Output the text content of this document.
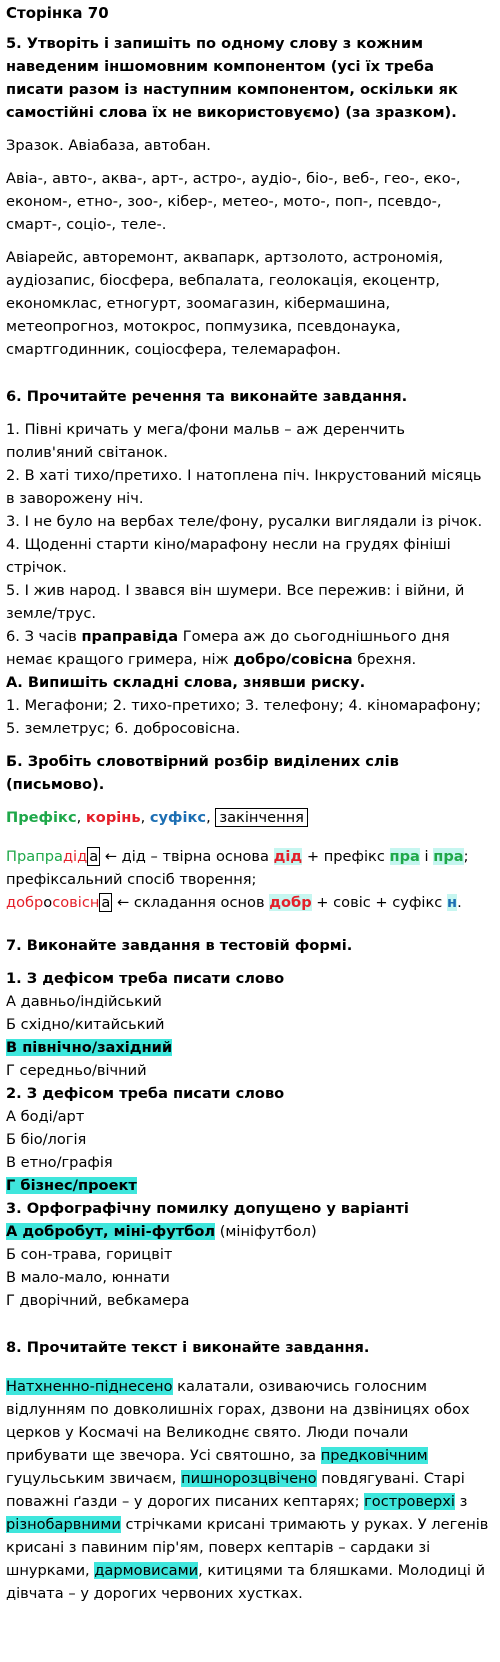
Сторінка 70
5. Утворіть і запишіть по одному слову з кожним наведеним іншомовним компонентом (усі їх треба писати разом із наступним компонентом, оскільки як самостійні слова їх не використовуємо) (за зразком).
Зразок. Авіабаза, автобан.
Авіа-, авто-, аква-, арт-, астро-, аудіо-, біо-, веб-, гео-, еко-, економ-, етно-, зоо-, кібер-, метео-, мото-, поп-, псевдо-, смарт-, соціо-, теле-.
Авіарейс, авторемонт, аквапарк, артзолото, астрономія, аудіозапис, біосфера, вебпалата, геолокація, екоцентр, економклас, етногурт, зоомагазин, кібермашина, метеопрогноз, мотокрос, попмузика, псевдонаука, смартгодинник, соціосфера, телемарафон.
6. Прочитайте речення та виконайте завдання.
1. Півні кричать у мега/фони мальв – аж деренчить полив'яний світанок.
2. В хаті тихо/претихо. І натоплена піч. Інкрустований місяць в заворожену ніч.
3. І не було на вербах теле/фону, русалки виглядали із річок.
4. Щоденні старти кіно/марафону несли на грудях фініші стрічок.
5. І жив народ. І звався він шумери. Все пережив: і війни, й земле/трус.
6. З часів праправіда Гомера аж до сьогоднішнього дня немає кращого гримера, ніж добро/совісна брехня.
А. Випишіть складні слова, знявши риску.
1. Мегафони; 2. тихо-претихо; 3. телефону; 4. кіномарафону; 5. землетрус; 6. добросовісна.
Б. Зробіть словотвірний розбір виділених слів (письмово).
Префікс, корінь, суфікс, закінчення
Прапрадід а ← дід – твірна основа дід + префікс пра і пра;
префіксальний спосіб творення;
добросовісн а ← складання основ добр + совіс + суфікс н.
7. Виконайте завдання в тестовій формі.
1. З дефісом треба писати слово
А давньо/індійський
Б східно/китайський
В північно/західний
Г середньо/вічний
2. З дефісом треба писати слово
А боді/арт
Б біо/логія
В етно/графія
Г бізнес/проект
3. Орфографічну помилку допущено у варіанті
А добробут, міні-футбол (мініфутбол)
Б сон-трава, горицвіт
В мало-мало, юннати
Г дворічний, вебкамера
8. Прочитайте текст і виконайте завдання.
Натхненно-піднесено калатали, озиваючись голосним відлунням по довколишніх горах, дзвони на дзвіницях обох церков у Космачі на Великоднє свято. Люди почали прибувати ще звечора. Усі святошно, за предковічним гуцульським звичаєм, пишнорозцвічено повдягувані. Старі поважні ґазди – у дорогих писаних кептарях; гостроверхі з різнобарвними стрічками крисані тримають у руках. У легенів крисані з павиним пір'ям, поверх кептарів – сардаки зі шнурками, дармовисами, китицями та бляшками. Молодиці й дівчата – у дорогих червоних хустках.
